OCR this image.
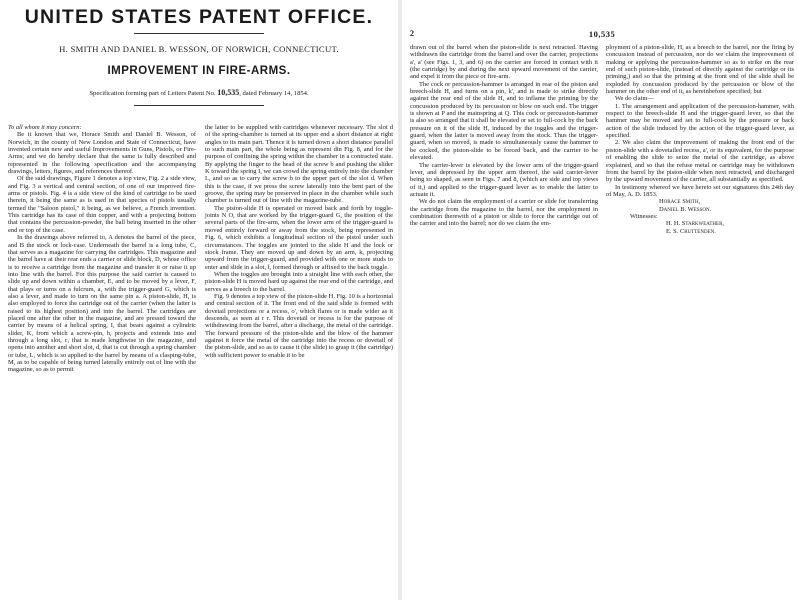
UNITED STATES PATENT OFFICE.
H. SMITH AND DANIEL B. WESSON, OF NORWICH, CONNECTICUT.
IMPROVEMENT IN FIRE-ARMS.
Specification forming part of Letters Patent No. 10,535, dated February 14, 1854.

To all whom it may concern:

Be it known that we, Horace Smith and Daniel B. Wesson, of Norwich, in the county of New London and State of Connecticut, have invented certain new and useful Improvements in Guns, Pistols, or Fire-Arms; and we do hereby declare that the same is fully described and represented in the following specification and the accompanying drawings, letters, figures, and references thereof.

Of the said drawings, Figure 1 denotes a top view, Fig. 2 a side view, and Fig. 3 a vertical and central section, of one of our improved fire-arms or pistols. Fig. 4 is a side view of the kind of cartridge to be used therein, it being the same as is used in that species of pistols usually termed the "Saloon pistol," it being, as we believe, a French invention. This cartridge has its case of thin copper, and with a projecting bottom that contains the percussion-powder, the ball being inserted in the other end or top of the case.

In the drawings above referred to, A denotes the barrel of the piece, and B the stock or lock-case. Underneath the barrel is a long tube, C, that serves as a magazine for carrying the cartridges. This magazine and the barrel have at their rear ends a carrier or slide block, D, whose office is to receive a cartridge from the magazine and transfer it or raise it up into line with the barrel. For this purpose the said carrier is caused to slide up and down within a chamber, E, and to be moved by a lever, F, that plays or turns on a fulcrum, a, with the trigger-guard G, which is also a lever, and made to turn on the same pin a. A piston-slide, H, is also employed to force the cartridge out of the carrier (when the latter is raised to its highest position) and into the barrel. The cartridges are placed one after the other in the magazine, and are pressed toward the carrier by means of a helical spring, I, that bears against a cylindric slider, K, from which a screw-pin, b, projects and extends into and through a long slot, c, that is made lengthwise in the magazine, and opens into another and short slot, d, that is cut through a spring chamber or tube, L, which is so applied to the barrel by means of a clasping-tube, M, as to be capable of being turned laterally entirely out of line with the magazine, so as to permit

the latter to be supplied with cartridges whenever necessary. The slot d of the spring-chamber is turned at its upper end a short distance at right angles to its main part. Thence it is turned down a short distance parallel to such main part, the whole being as represent din Fig. 8, and for the purpose of confining the spring within the chamber in a contracted state. By applying the finger to the head of the screw b and pushing the slider K toward the spring I, we can crowd the spring entirely into the chamber L, and so as to carry the screw b to the upper part of the slot d. When this is the case, if we press the screw laterally into the bent part of the groove, the spring may be preserved in place in the chamber while such chamber is turned out of line with the magazine-tube.

The piston-slide H is operated or moved back and forth by toggle-joints N O, that are worked by the trigger-guard G, the position of the several parts of the fire-arm, when the lower arm of the trigger-guard is moved entirely forward or away from the stock, being represented in Fig. 6, which exhibits a longitudinal section of the pistol under such circumstances. The toggles are jointed to the slide H and the lock or stock frame. They are moved up and down by an arm, k, projecting upward from the trigger-guard, and provided with one or more studs to enter and slide in a slot, l, formed through or affixed to the back toggle.

When the toggles are brought into a straight line with each other, the piston-slide H is moved hard up against the rear end of the cartridge, and serves as a breech to the barrel.

Fig. 9 denotes a top view of the piston-slide H. Fig. 10 is a horizontal and central section of it. The front end of the said slide is formed with dovetail projections or a recess, o', which flares or is made wider as it descends, as seen at r r. This dovetail or recess is for the purpose of withdrawing from the barrel, after a discharge, the metal of the cartridge. The forward pressure of the piston-slide and the blow of the hammer against it force the metal of the cartridge into the recess or dovetail of the piston-slide, and so as to cause it (the slide) to grasp it (the cartridge) with sufficient power to enable it to be

2	10,535

drawn out of the barrel when the piston-slide is next retracted. Having withdrawn the cartridge from the barrel and over the carrier, projections a', a' (see Figs. 1, 3, and 6) on the carrier are forced in contact with it (the cartridge) by and during the next upward movement of the carrier, and expel it from the piece or fire-arm.

The cock or percussion-hammer is arranged in rear of the piston and breech-slide H, and turns on a pin, k', and is made to strike directly against the rear end of the slide H, and to inflame the priming by the concussion produced by its percussion or blow on such end. The trigger is shown at P and the mainspring at Q. This cock or percussion-hammer is also so arranged that it shall be elevated or set to full-cock by the back pressure on it of the slide H, induced by the toggles and the trigger-guard, when the latter is moved away from the stock. Thus the trigger-guard, when so moved, is made to simultaneously cause the hammer to be cocked, the piston-slide to be forced back, and the carrier to be elevated.

The carrier-lever is elevated by the lower arm of the trigger-guard lever, and depressed by the upper arm thereof, the said carrier-lever being so shaped, as seen in Figs. 7 and 8, (which are side and top views of it,) and applied to the trigger-guard lever as to enable the latter to actuate it.

We do not claim the employment of a carrier or slide for transferring the cartridge from the magazine to the barrel, nor the employment in combination therewith of a piston or slide to force the cartridge out of the carrier and into the barrel; nor do we claim the em-

ployment of a piston-slide, H, as a breech to the barrel, nor the firing by concussion instead of percussion, nor do we claim the improvement of making or applying the percussion-hammer so as to strike on the rear end of such piston-slide, (instead of directly against the cartridge or its priming,) and so that the priming at the front end of the slide shall be exploded by concussion produced by the percussion or blow of the hammer on the other end of it, as hereinbefore specified; but

We do claim—

1. The arrangement and application of the percussion-hammer, with respect to the breech-slide H and the trigger-guard lever, so that the hammer may be moved and set to full-cock by the pressure or back action of the slide induced by the action of the trigger-guard lever, as specified.

2. We also claim the improvement of making the front end of the piston-slide with a dovetailed recess, a', or its equivalent, for the purpose of enabling the slide to seize the metal of the cartridge, as above explained, and so that the refuse metal or cartridge may be withdrawn from the barrel by the piston-slide when next retracted, and discharged by the upward movement of the carrier, all substantially as specified.

In testimony whereof we have hereto set our signatures this 24th day of May, A. D. 1853.

Horace Smith,

Daniel B. Wesson.

Witnesses:

H. H. Starkweather,

E. S. Cruttenden.
